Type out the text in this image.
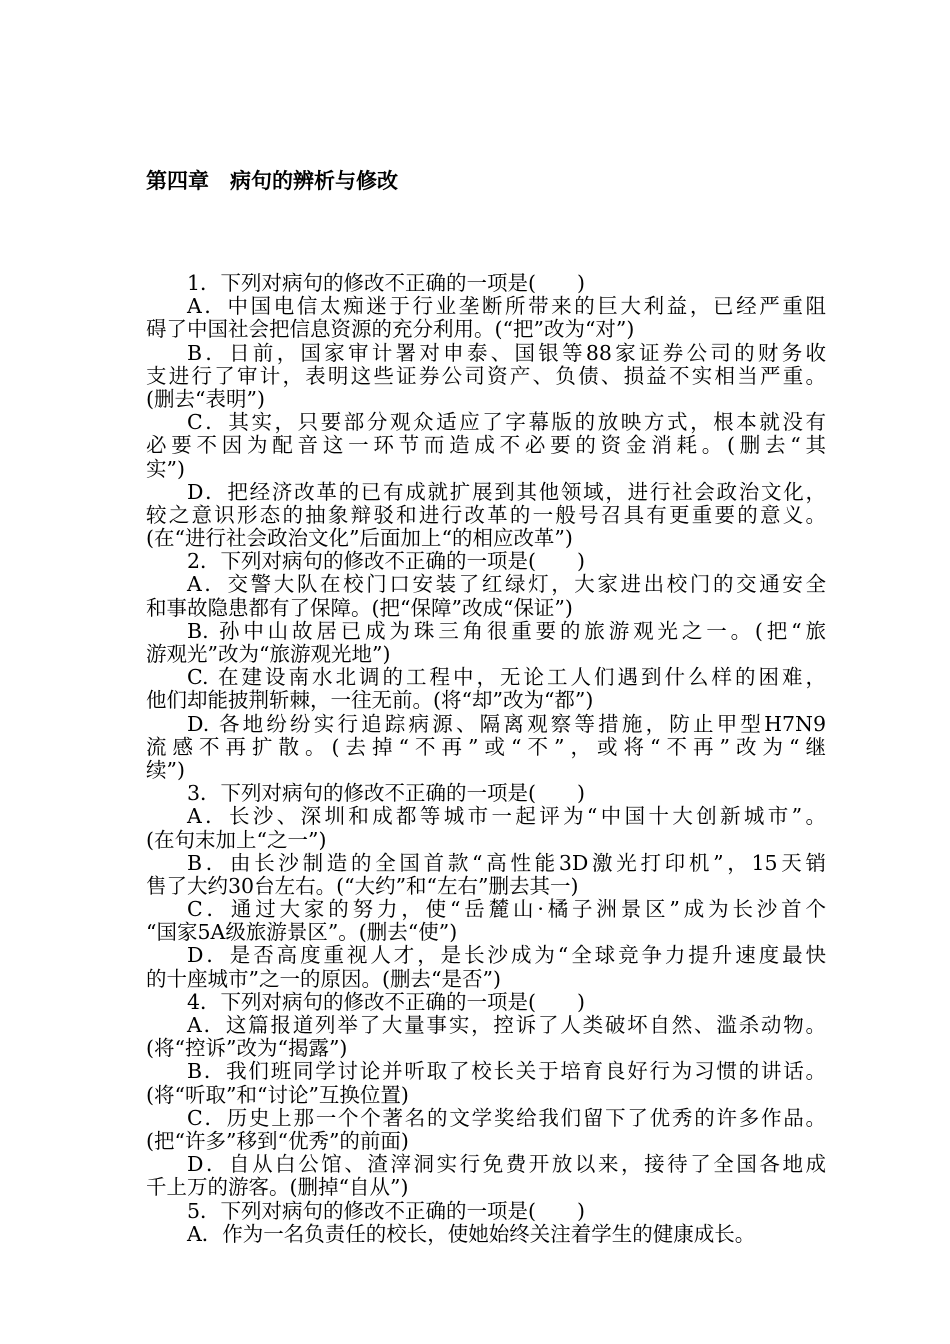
第四章　病句的辨析与修改
1．下列对病句的修改不正确的一项是(　　)
A．中国电信太痴迷于行业垄断所带来的巨大利益，已经严重阻
碍了中国社会把信息资源的充分利用。(“把”改为“对”)
B．日前，国家审计署对申泰、国银等88家证券公司的财务收
支进行了审计，表明这些证券公司资产、负债、损益不实相当严重。
(删去“表明”)
C．其实，只要部分观众适应了字幕版的放映方式，根本就没有
必要不因为配音这一环节而造成不必要的资金消耗。(删去“其
实”)
D．把经济改革的已有成就扩展到其他领域，进行社会政治文化，
较之意识形态的抽象辩驳和进行改革的一般号召具有更重要的意义。
(在“进行社会政治文化”后面加上“的相应改革”)
2．下列对病句的修改不正确的一项是(　　)
A．交警大队在校门口安装了红绿灯，大家进出校门的交通安全
和事故隐患都有了保障。(把“保障”改成“保证”)
B. 孙中山故居已成为珠三角很重要的旅游观光之一。(把“旅
游观光”改为“旅游观光地”)
C. 在建设南水北调的工程中，无论工人们遇到什么样的困难，
他们却能披荆斩棘，一往无前。(将“却”改为“都”)
D. 各地纷纷实行追踪病源、隔离观察等措施，防止甲型H7N9
流感不再扩散。(去掉“不再”或“不”，或将“不再”改为“继
续”)
3．下列对病句的修改不正确的一项是(　　)
A．长沙、深圳和成都等城市一起评为“中国十大创新城市”。
(在句末加上“之一”)
B．由长沙制造的全国首款“高性能3D激光打印机”，15天销
售了大约30台左右。(“大约”和“左右”删去其一)
C．通过大家的努力，使“岳麓山·橘子洲景区”成为长沙首个
“国家5A级旅游景区”。(删去“使”)
D．是否高度重视人才，是长沙成为“全球竞争力提升速度最快
的十座城市”之一的原因。(删去“是否”)
4．下列对病句的修改不正确的一项是(　　)
A．这篇报道列举了大量事实，控诉了人类破坏自然、滥杀动物。
(将“控诉”改为“揭露”)
B．我们班同学讨论并听取了校长关于培育良好行为习惯的讲话。
(将“听取”和“讨论”互换位置)
C．历史上那一个个著名的文学奖给我们留下了优秀的许多作品。
(把“许多”移到“优秀”的前面)
D．自从白公馆、渣滓洞实行免费开放以来，接待了全国各地成
千上万的游客。(删掉“自从”)
5．下列对病句的修改不正确的一项是(　　)
A．作为一名负责任的校长，使她始终关注着学生的健康成长。
